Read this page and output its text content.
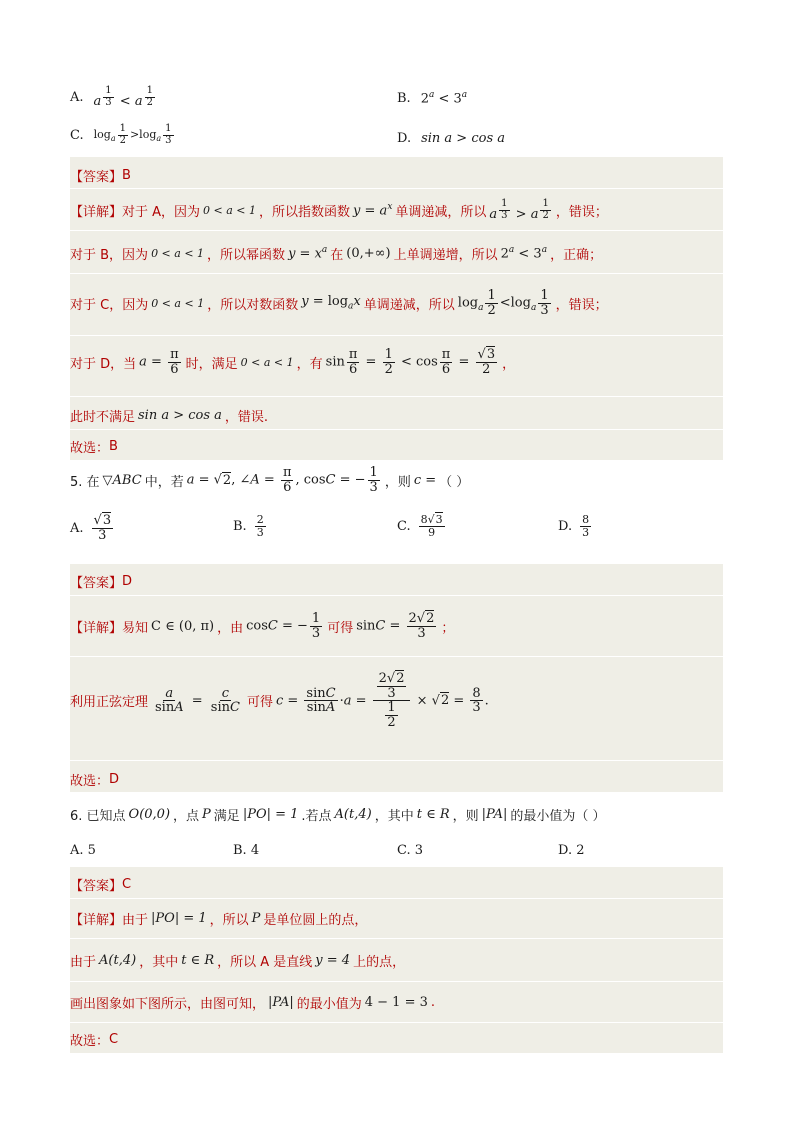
A. a $^{\frac{1}{3}}$ < a $^{\frac{1}{2}}$	B. $2^a < 3^a$
C. $\log_a \frac{1}{2} >\log_a \frac{1}{3}$	D. sin a > cos a
【答案】 B
【详解】 对于 A，因为 0 < a < 1 ，所以指数函数 $y = a^x$ 单调递减，所以 a $^{\frac{1}{3}}$ > a $^{\frac{1}{2}}$ ，错误；
对于 B，因为 0 < a < 1 ，所以幂函数 $y = x^a$ 在 (0,+∞) 上单调递增，所以 $2^a < 3^a$ ，正确；
对于 C，因为 0 < a < 1 ，所以对数函数 $y = \log_ax$ 单调递减，所以 $\log_a \frac{1}{2} <\log_a \frac{1}{3}$ ，错误；
对于 D，当 $a = \frac{\pi}{6}$ 时，满足 0 < a < 1 ，有 $\sin \frac{\pi}{6} = \frac{1}{2} < \cos \frac{\pi}{6} = \frac{√3}{2}$ ，
此时不满足 sin a > cos a ，错误.
故选： B
5. 在 ▽ABC 中，若 a = √2, ∠A = $\frac{\pi}{6}$ , cosC = − $\frac{1}{3}$ ，则 c = （ ）
A. $\frac{√3}{3}$	B. $\frac{2}{3}$	C. $\frac{8√3}{9}$	D. $\frac{8}{3}$
【答案】 D
【详解】 易知 C ∈ (0, π) ，由 cosC = − $\frac{1}{3}$ 可得 $\sin C = \frac{2√2}{3}$ ；
利用正弦定理 $\frac{a}{\sin A} = \frac{c}{\sin C}$ 可得 $c = \frac{\sin C}{\sin A} \cdot a = \frac{\frac{2√2}{3}}{\frac{1}{2}} \times √2 = \frac{8}{3}$ .
故选： D
6. 已知点 O(0,0) ，点 P 满足 |PO| = 1 .若点 A(t,4) ，其中 t ∈ R ，则 |PA| 的最小值为（ ）
A. 5	B. 4	C. 3	D. 2
【答案】 C
【详解】 由于 |PO| = 1 ，所以 P 是单位圆上的点，
由于 A(t,4) ，其中 t ∈ R ，所以 A 是直线 y = 4 上的点，
画出图象如下图所示，由图可知， |PA| 的最小值为 4 − 1 = 3 .
故选： C
